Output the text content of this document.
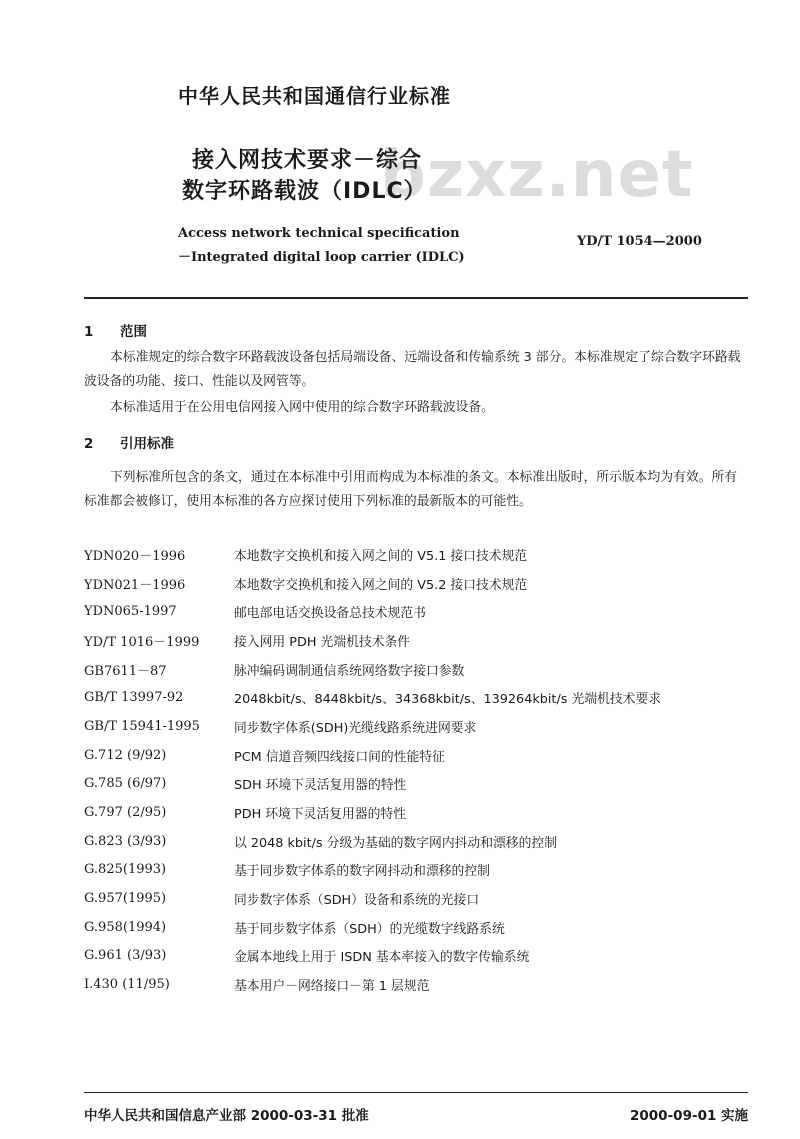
bzxz.net
中华人民共和国通信行业标准
接入网技术要求－综合
数字环路载波（IDLC）
Access network technical specification
－Integrated digital loop carrier (IDLC)
YD/T 1054—2000
1 范围
本标准规定的综合数字环路载波设备包括局端设备、远端设备和传输系统 3 部分。本标准规定了综合数字环路载波设备的功能、接口、性能以及网管等。
本标准适用于在公用电信网接入网中使用的综合数字环路载波设备。
2 引用标准
下列标准所包含的条文，通过在本标准中引用而构成为本标准的条文。本标准出版时，所示版本均为有效。所有标准都会被修订，使用本标准的各方应探讨使用下列标准的最新版本的可能性。
YDN020－1996	本地数字交换机和接入网之间的 V5.1 接口技术规范
YDN021－1996	本地数字交换机和接入网之间的 V5.2 接口技术规范
YDN065-1997	邮电部电话交换设备总技术规范书
YD/T 1016－1999	接入网用 PDH 光端机技术条件
GB7611－87	脉冲编码调制通信系统网络数字接口参数
GB/T 13997-92	2048kbit/s、8448kbit/s、34368kbit/s、139264kbit/s 光端机技术要求
GB/T 15941-1995	同步数字体系(SDH)光缆线路系统进网要求
G.712 (9/92)	PCM 信道音频四线接口间的性能特征
G.785 (6/97)	SDH 环境下灵活复用器的特性
G.797 (2/95)	PDH 环境下灵活复用器的特性
G.823 (3/93)	以 2048 kbit/s 分级为基础的数字网内抖动和漂移的控制
G.825(1993)	基于同步数字体系的数字网抖动和漂移的控制
G.957(1995)	同步数字体系（SDH）设备和系统的光接口
G.958(1994)	基于同步数字体系（SDH）的光缆数字线路系统
G.961 (3/93)	金属本地线上用于 ISDN 基本率接入的数字传输系统
I.430 (11/95)	基本用户－网络接口－第 1 层规范
中华人民共和国信息产业部 2000-03-31 批准	2000-09-01 实施
